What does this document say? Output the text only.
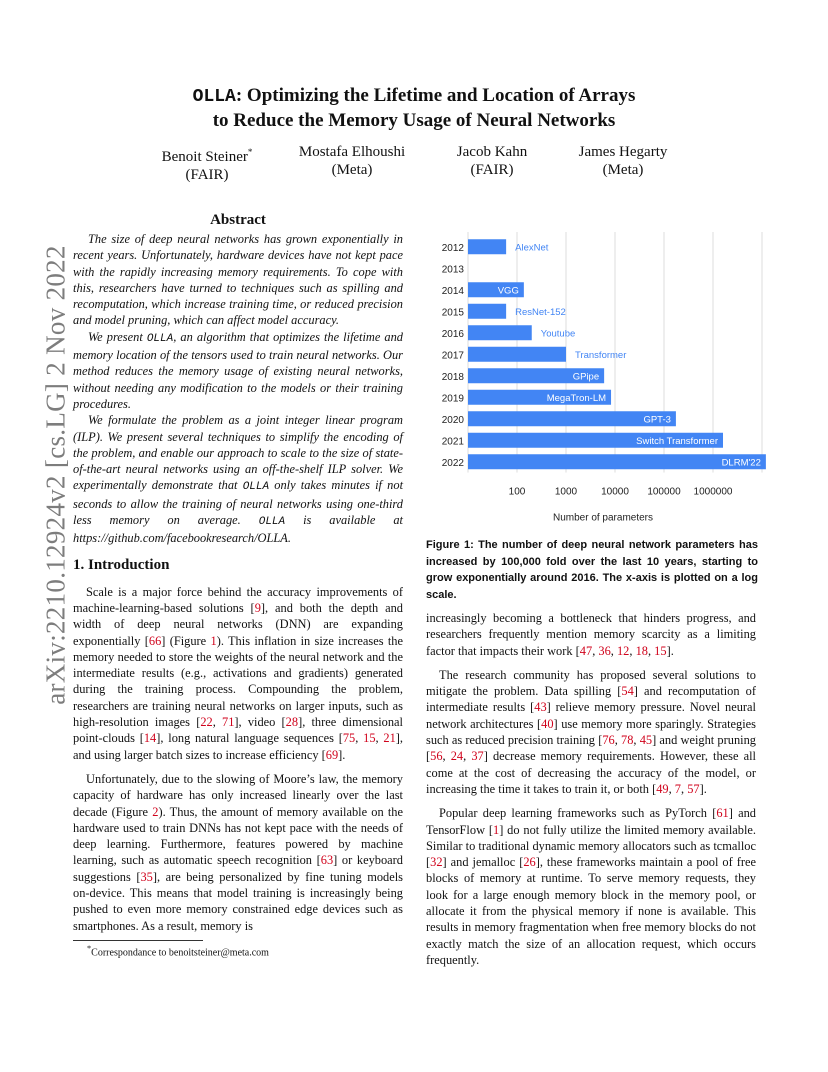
arXiv:2210.12924v2 [cs.LG] 2 Nov 2022
OLLA: Optimizing the Lifetime and Location of Arrays
to Reduce the Memory Usage of Neural Networks
Benoit Steiner*
(FAIR)
Mostafa Elhoushi
(Meta)
Jacob Kahn
(FAIR)
James Hegarty
(Meta)
Abstract

The size of deep neural networks has grown exponentially in recent years. Unfortunately, hardware devices have not kept pace with the rapidly increasing memory requirements. To cope with this, researchers have turned to techniques such as spilling and recomputation, which increase training time, or reduced precision and model pruning, which can affect model accuracy.

We present OLLA, an algorithm that optimizes the lifetime and memory location of the tensors used to train neural networks. Our method reduces the memory usage of existing neural networks, without needing any modification to the models or their training procedures.

We formulate the problem as a joint integer linear program (ILP). We present several techniques to simplify the encoding of the problem, and enable our approach to scale to the size of state-of-the-art neural networks using an off-the-shelf ILP solver. We experimentally demonstrate that OLLA only takes minutes if not seconds to allow the training of neural networks using one-third less memory on average. OLLA is available at https://github.com/facebookresearch/OLLA.

1. Introduction

Scale is a major force behind the accuracy improvements of machine-learning-based solutions [9], and both the depth and width of deep neural networks (DNN) are expanding exponentially [66] (Figure 1). This inflation in size increases the memory needed to store the weights of the neural network and the intermediate results (e.g., activations and gradients) generated during the training process. Compounding the problem, researchers are training neural networks on larger inputs, such as high-resolution images [22, 71], video [28], three dimensional point-clouds [14], long natural language sequences [75, 15, 21], and using larger batch sizes to increase efficiency [69].

Unfortunately, due to the slowing of Moore’s law, the memory capacity of hardware has only increased linearly over the last decade (Figure 2). Thus, the amount of memory available on the hardware used to train DNNs has not kept pace with the needs of deep learning. Furthermore, features powered by machine learning, such as automatic speech recognition [63] or keyboard suggestions [35], are being personalized by fine tuning models on-device. This means that model training is increasingly being pushed to even more memory constrained edge devices such as smartphones. As a result, memory is

*Correspondance to benoitsteiner@meta.com
2012	AlexNet
2013
2014	VGG
2015	ResNet-152
2016	Youtube
2017	Transformer
2018	GPipe
2019	MegaTron-LM
2020	GPT-3
2021	Switch Transformer
2022	DLRM'22
100	1000 10000 100000 1000000
Number of parameters
Figure 1: The number of deep neural network parameters has increased by 100,000 fold over the last 10 years, starting to grow exponentially around 2016. The x-axis is plotted on a log scale.

increasingly becoming a bottleneck that hinders progress, and researchers frequently mention memory scarcity as a limiting factor that impacts their work [47, 36, 12, 18, 15].

The research community has proposed several solutions to mitigate the problem. Data spilling [54] and recomputation of intermediate results [43] relieve memory pressure. Novel neural network architectures [40] use memory more sparingly. Strategies such as reduced precision training [76, 78, 45] and weight pruning [56, 24, 37] decrease memory requirements. However, these all come at the cost of decreasing the accuracy of the model, or increasing the time it takes to train it, or both [49, 7, 57].

Popular deep learning frameworks such as PyTorch [61] and TensorFlow [1] do not fully utilize the limited memory available. Similar to traditional dynamic memory allocators such as tcmalloc [32] and jemalloc [26], these frameworks maintain a pool of free blocks of memory at runtime. To serve memory requests, they look for a large enough memory block in the memory pool, or allocate it from the physical memory if none is available. This results in memory fragmentation when free memory blocks do not exactly match the size of an allocation request, which occurs frequently.
